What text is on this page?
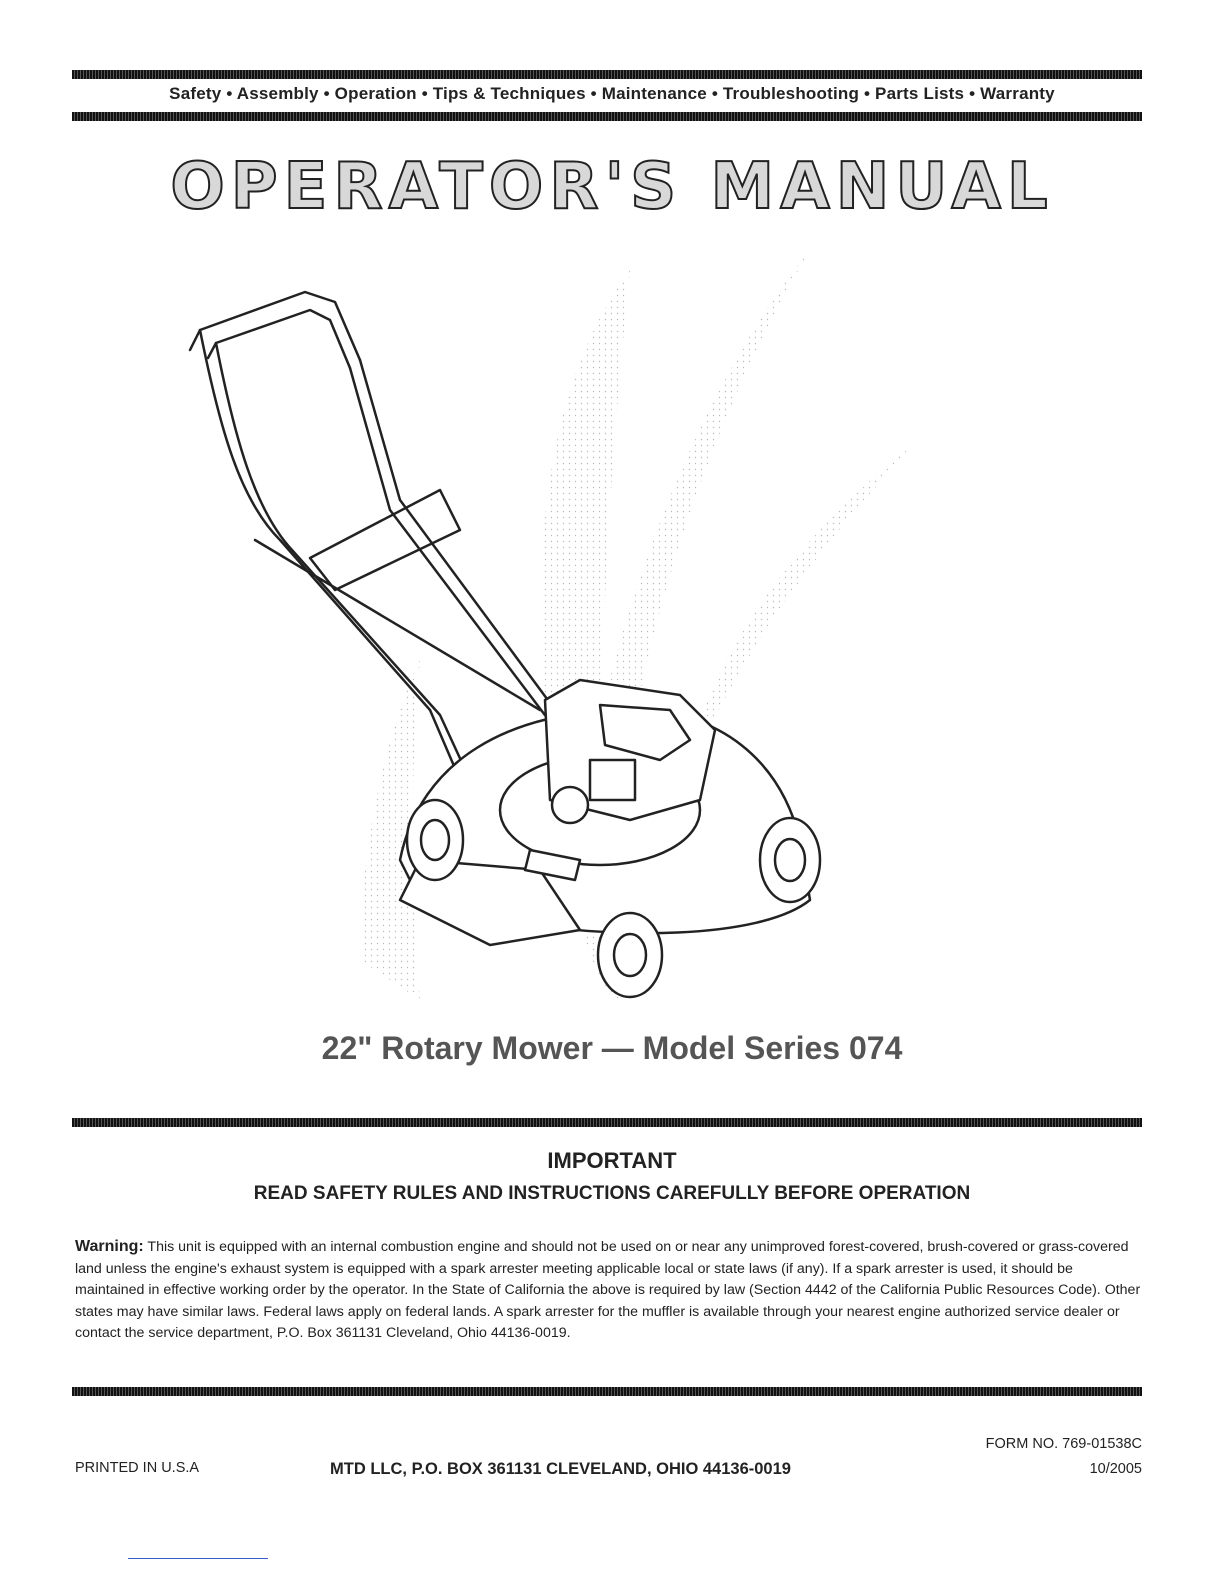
Safety • Assembly • Operation • Tips & Techniques • Maintenance • Troubleshooting • Parts Lists • Warranty
OPERATOR'S MANUAL
22" Rotary Mower — Model Series 074
IMPORTANT
READ SAFETY RULES AND INSTRUCTIONS CAREFULLY BEFORE OPERATION
Warning: This unit is equipped with an internal combustion engine and should not be used on or near any unimproved forest-covered, brush-covered or grass-covered land unless the engine's exhaust system is equipped with a spark arrester meeting applicable local or state laws (if any). If a spark arrester is used, it should be maintained in effective working order by the operator. In the State of California the above is required by law (Section 4442 of the California Public Resources Code). Other states may have similar laws. Federal laws apply on federal lands. A spark arrester for the muffler is available through your nearest engine authorized service dealer or contact the service department, P.O. Box 361131 Cleveland, Ohio 44136-0019.
PRINTED IN U.S.A	MTD LLC, P.O. BOX 361131 CLEVELAND, OHIO 44136-0019
FORM NO. 769-01538C
10/2005
